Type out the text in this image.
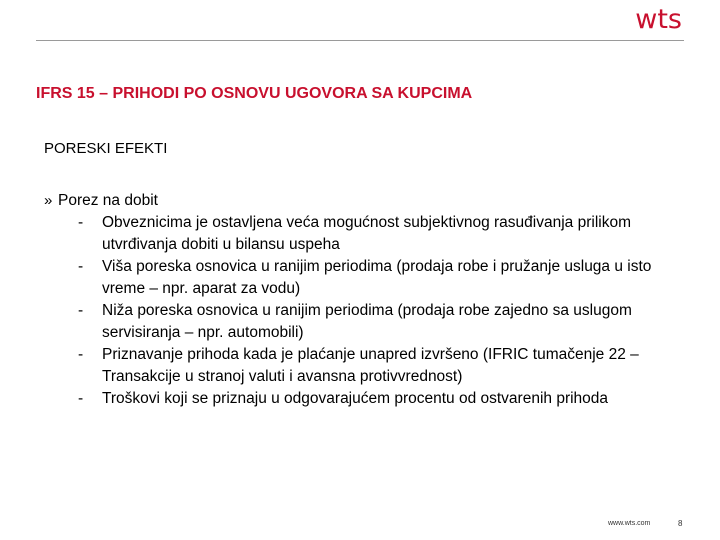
wts
IFRS 15 – PRIHODI PO OSNOVU UGOVORA SA KUPCIMA
PORESKI EFEKTI
» Porez na dobit
-	Obveznicima je ostavljena veća mogućnost subjektivnog rasuđivanja prilikom utvrđivanja dobiti u bilansu uspeha
-	Viša poreska osnovica u ranijim periodima (prodaja robe i pružanje usluga u isto vreme – npr. aparat za vodu)
-	Niža poreska osnovica u ranijim periodima (prodaja robe zajedno sa uslugom servisiranja – npr. automobili)
-	Priznavanje prihoda kada je plaćanje unapred izvršeno (IFRIC tumačenje 22 – Transakcije u stranoj valuti i avansna protivvrednost)
-	Troškovi koji se priznaju u odgovarajućem procentu od ostvarenih prihoda
www.wts.com	8
